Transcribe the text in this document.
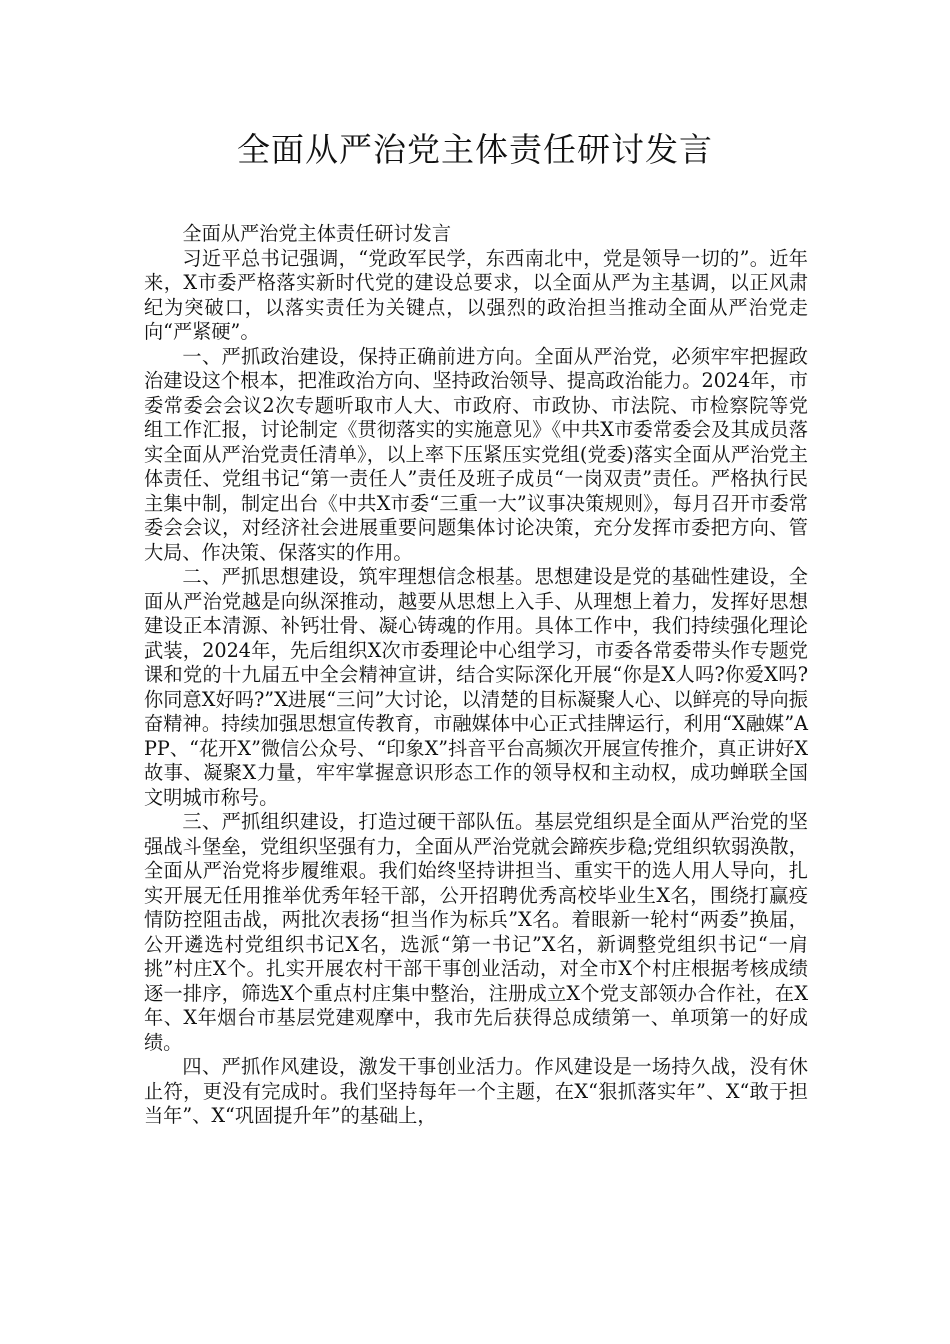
全面从严治党主体责任研讨发言

全面从严治党主体责任研讨发言

习近平总书记强调，“党政军民学，东西南北中，党是领导一切的”。近年来，X市委严格落实新时代党的建设总要求，以全面从严为主基调，以正风肃纪为突破口，以落实责任为关键点，以强烈的政治担当推动全面从严治党走向“严紧硬”。

一、严抓政治建设，保持正确前进方向。全面从严治党，必须牢牢把握政治建设这个根本，把准政治方向、坚持政治领导、提高政治能力。2024年，市委常委会会议2次专题听取市人大、市政府、市政协、市法院、市检察院等党组工作汇报，讨论制定《贯彻落实的实施意见》《中共X市委常委会及其成员落实全面从严治党责任清单》，以上率下压紧压实党组(党委)落实全面从严治党主体责任、党组书记“第一责任人”责任及班子成员“一岗双责”责任。严格执行民主集中制，制定出台《中共X市委“三重一大”议事决策规则》，每月召开市委常委会会议，对经济社会进展重要问题集体讨论决策，充分发挥市委把方向、管大局、作决策、保落实的作用。

二、严抓思想建设，筑牢理想信念根基。思想建设是党的基础性建设，全面从严治党越是向纵深推动，越要从思想上入手、从理想上着力，发挥好思想建设正本清源、补钙壮骨、凝心铸魂的作用。具体工作中，我们持续强化理论武装，2024年，先后组织X次市委理论中心组学习，市委各常委带头作专题党课和党的十九届五中全会精神宣讲，结合实际深化开展“你是X人吗?你爱X吗?你同意X好吗?”X进展“三问”大讨论，以清楚的目标凝聚人心、以鲜亮的导向振奋精神。持续加强思想宣传教育，市融媒体中心正式挂牌运行，利用“X融媒”APP、“花开X”微信公众号、“印象X”抖音平台高频次开展宣传推介，真正讲好X故事、凝聚X力量，牢牢掌握意识形态工作的领导权和主动权，成功蝉联全国文明城市称号。

三、严抓组织建设，打造过硬干部队伍。基层党组织是全面从严治党的坚强战斗堡垒，党组织坚强有力，全面从严治党就会蹄疾步稳;党组织软弱涣散，全面从严治党将步履维艰。我们始终坚持讲担当、重实干的选人用人导向，扎实开展无任用推举优秀年轻干部，公开招聘优秀高校毕业生X名，围绕打赢疫情防控阻击战，两批次表扬“担当作为标兵”X名。着眼新一轮村“两委”换届，公开遴选村党组织书记X名，选派“第一书记”X名，新调整党组织书记“一肩挑”村庄X个。扎实开展农村干部干事创业活动，对全市X个村庄根据考核成绩逐一排序，筛选X个重点村庄集中整治，注册成立X个党支部领办合作社，在X年、X年烟台市基层党建观摩中，我市先后获得总成绩第一、单项第一的好成绩。

四、严抓作风建设，激发干事创业活力。作风建设是一场持久战，没有休止符，更没有完成时。我们坚持每年一个主题，在X“狠抓落实年”、X“敢于担当年”、X“巩固提升年”的基础上，
